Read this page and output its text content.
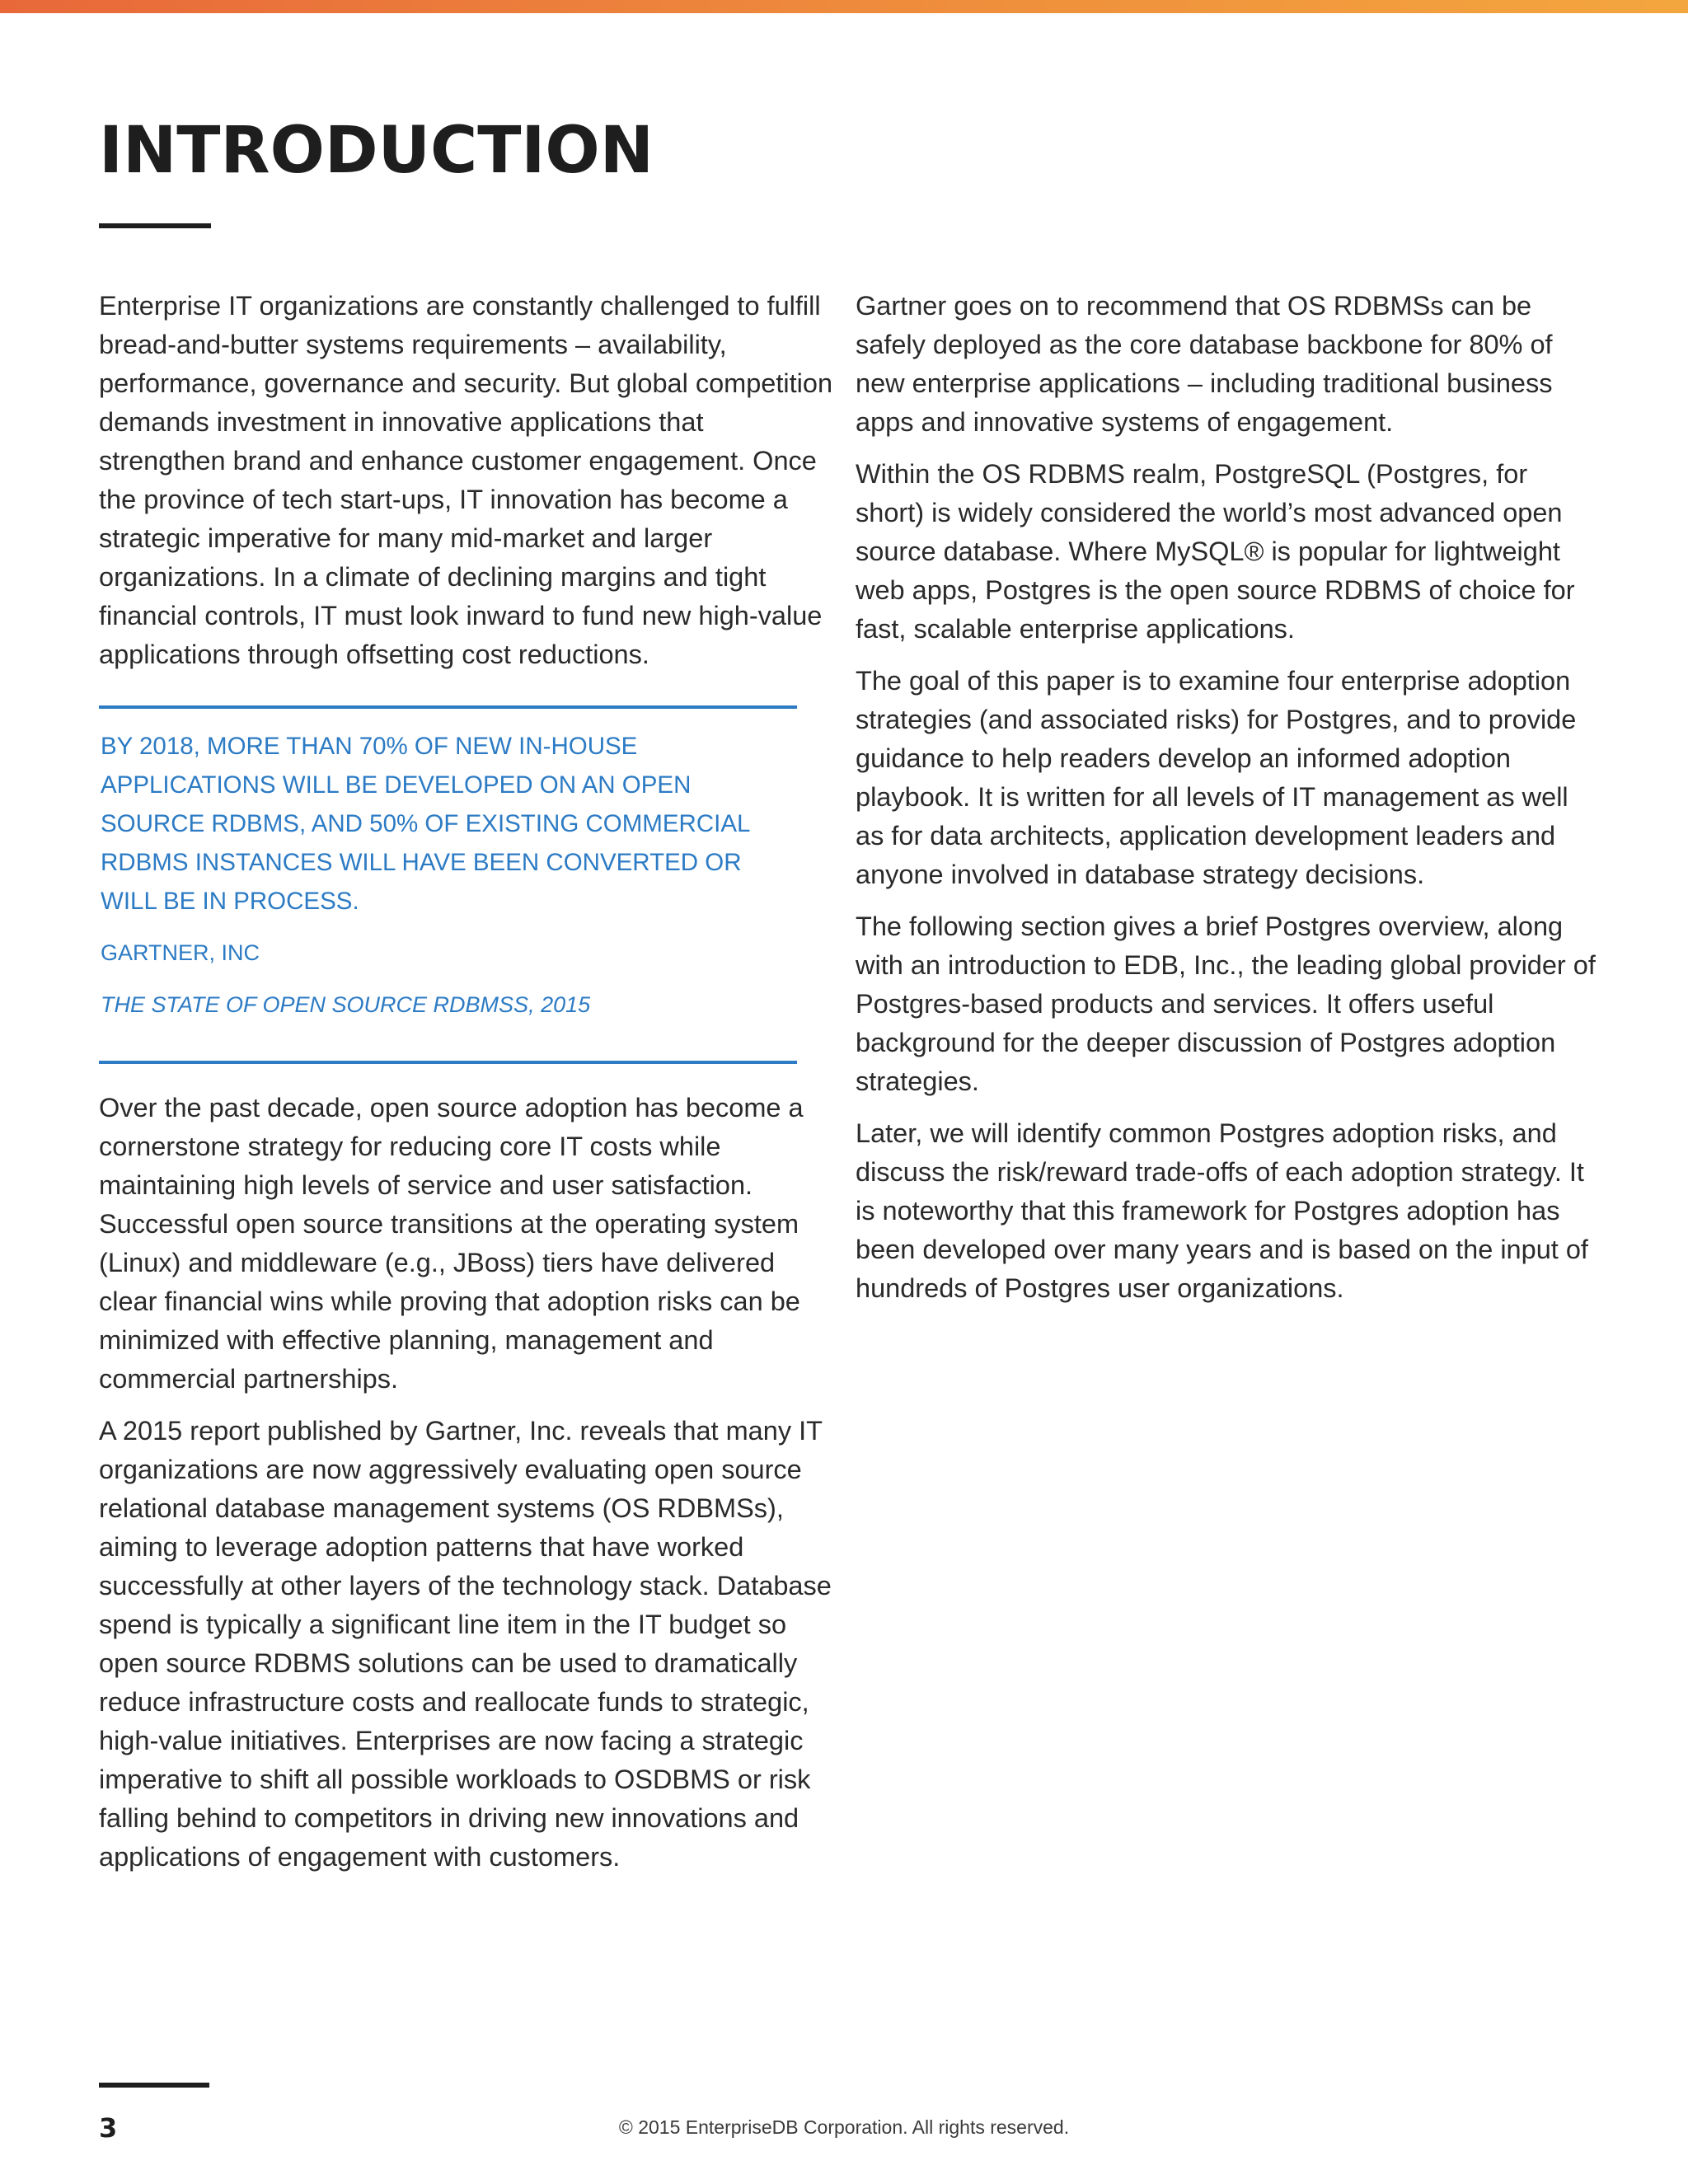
INTRODUCTION

Enterprise IT organizations are constantly challenged to fulfill bread-and-butter systems requirements – availability, performance, governance and security. But global competition demands investment in innovative applications that strengthen brand and enhance customer engagement. Once the province of tech start-ups, IT innovation has become a strategic imperative for many mid-market and larger organizations. In a climate of declining margins and tight financial controls, IT must look inward to fund new high-value applications through offsetting cost reductions.

BY 2018, MORE THAN 70% OF NEW IN-HOUSE APPLICATIONS WILL BE DEVELOPED ON AN OPEN SOURCE RDBMS, AND 50% OF EXISTING COMMERCIAL RDBMS INSTANCES WILL HAVE BEEN CONVERTED OR WILL BE IN PROCESS.

GARTNER, INC

THE STATE OF OPEN SOURCE RDBMSS, 2015

Over the past decade, open source adoption has become a cornerstone strategy for reducing core IT costs while maintaining high levels of service and user satisfaction. Successful open source transitions at the operating system (Linux) and middleware (e.g., JBoss) tiers have delivered clear financial wins while proving that adoption risks can be minimized with effective planning, management and commercial partnerships.

A 2015 report published by Gartner, Inc. reveals that many IT organizations are now aggressively evaluating open source relational database management systems (OS RDBMSs), aiming to leverage adoption patterns that have worked successfully at other layers of the technology stack. Database spend is typically a significant line item in the IT budget so open source RDBMS solutions can be used to dramatically reduce infrastructure costs and reallocate funds to strategic, high-value initiatives. Enterprises are now facing a strategic imperative to shift all possible workloads to OSDBMS or risk falling behind to competitors in driving new innovations and applications of engagement with customers.

Gartner goes on to recommend that OS RDBMSs can be safely deployed as the core database backbone for 80% of new enterprise applications – including traditional business apps and innovative systems of engagement.

Within the OS RDBMS realm, PostgreSQL (Postgres, for short) is widely considered the world’s most advanced open source database. Where MySQL® is popular for lightweight web apps, Postgres is the open source RDBMS of choice for fast, scalable enterprise applications.

The goal of this paper is to examine four enterprise adoption strategies (and associated risks) for Postgres, and to provide guidance to help readers develop an informed adoption playbook. It is written for all levels of IT management as well as for data architects, application development leaders and anyone involved in database strategy decisions.

The following section gives a brief Postgres overview, along with an introduction to EDB, Inc., the leading global provider of Postgres-based products and services. It offers useful background for the deeper discussion of Postgres adoption strategies.

Later, we will identify common Postgres adoption risks, and discuss the risk/reward trade-offs of each adoption strategy. It is noteworthy that this framework for Postgres adoption has been developed over many years and is based on the input of hundreds of Postgres user organizations.

3	© 2015 EnterpriseDB Corporation. All rights reserved.
